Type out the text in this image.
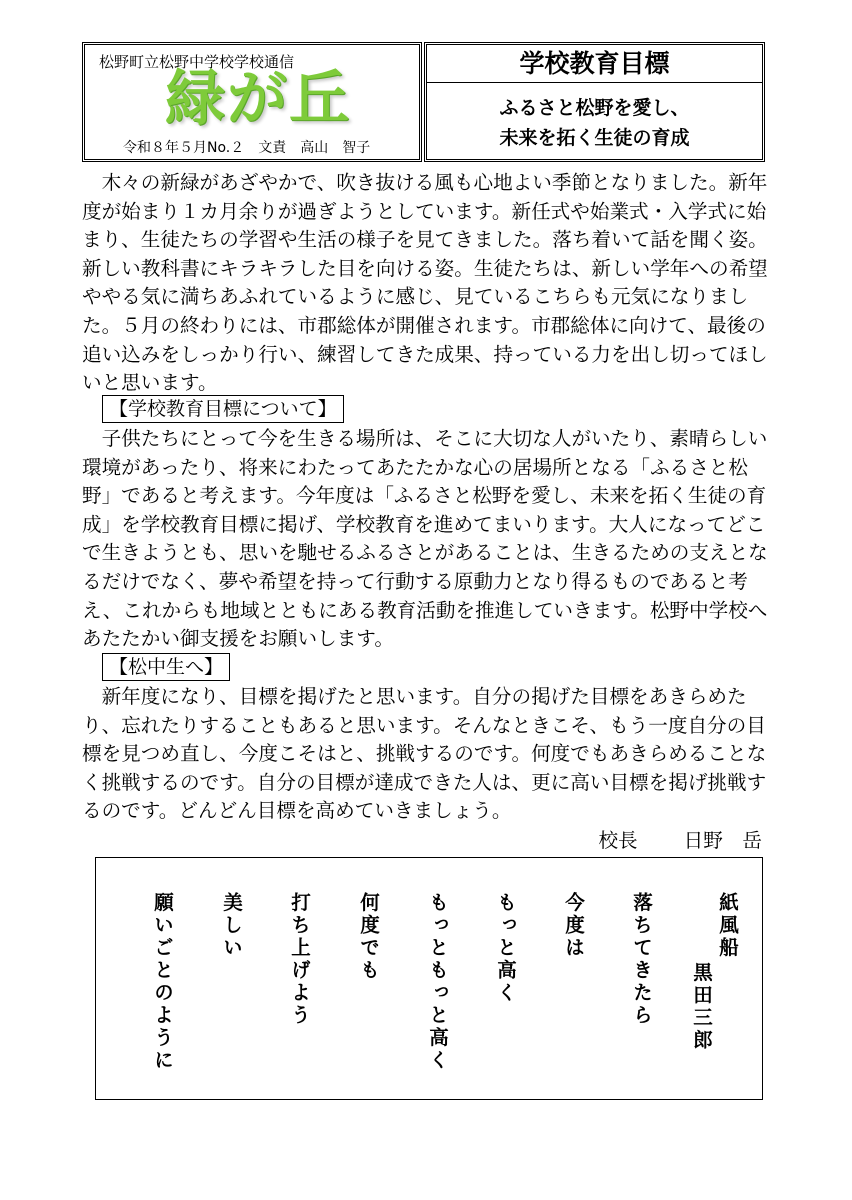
松野町立松野中学校学校通信
緑が丘
令和８年５月No.２　文責　高山　智子
学校教育目標
ふるさと松野を愛し、
未来を拓く生徒の育成

木々の新緑があざやかで、吹き抜ける風も心地よい季節となりました。新年度が始まり１カ月余りが過ぎようとしています。新任式や始業式・入学式に始まり、生徒たちの学習や生活の様子を見てきました。落ち着いて話を聞く姿。新しい教科書にキラキラした目を向ける姿。生徒たちは、新しい学年への希望ややる気に満ちあふれているように感じ、見ているこちらも元気になりました。５月の終わりには、市郡総体が開催されます。市郡総体に向けて、最後の追い込みをしっかり行い、練習してきた成果、持っている力を出し切ってほしいと思います。

【学校教育目標について】

子供たちにとって今を生きる場所は、そこに大切な人がいたり、素晴らしい環境があったり、将来にわたってあたたかな心の居場所となる「ふるさと松野」であると考えます。今年度は「ふるさと松野を愛し、未来を拓く生徒の育成」を学校教育目標に掲げ、学校教育を進めてまいります。大人になってどこで生きようとも、思いを馳せるふるさとがあることは、生きるための支えとなるだけでなく、夢や希望を持って行動する原動力となり得るものであると考え、これからも地域とともにある教育活動を推進していきます。松野中学校へあたたかい御支援をお願いします。

【松中生へ】

新年度になり、目標を掲げたと思います。自分の掲げた目標をあきらめたり、忘れたりすることもあると思います。そんなときこそ、もう一度自分の目標を見つめ直し、今度こそはと、挑戦するのです。何度でもあきらめることなく挑戦するのです。自分の目標が達成できた人は、更に高い目標を掲げ挑戦するのです。どんどん目標を高めていきましょう。

校長 日野　岳
紙風船
黒田三郎
落ちてきたら
今度は
もっと高く
もっともっと高く
何度でも
打ち上げよう
美しい
願いごとのように
